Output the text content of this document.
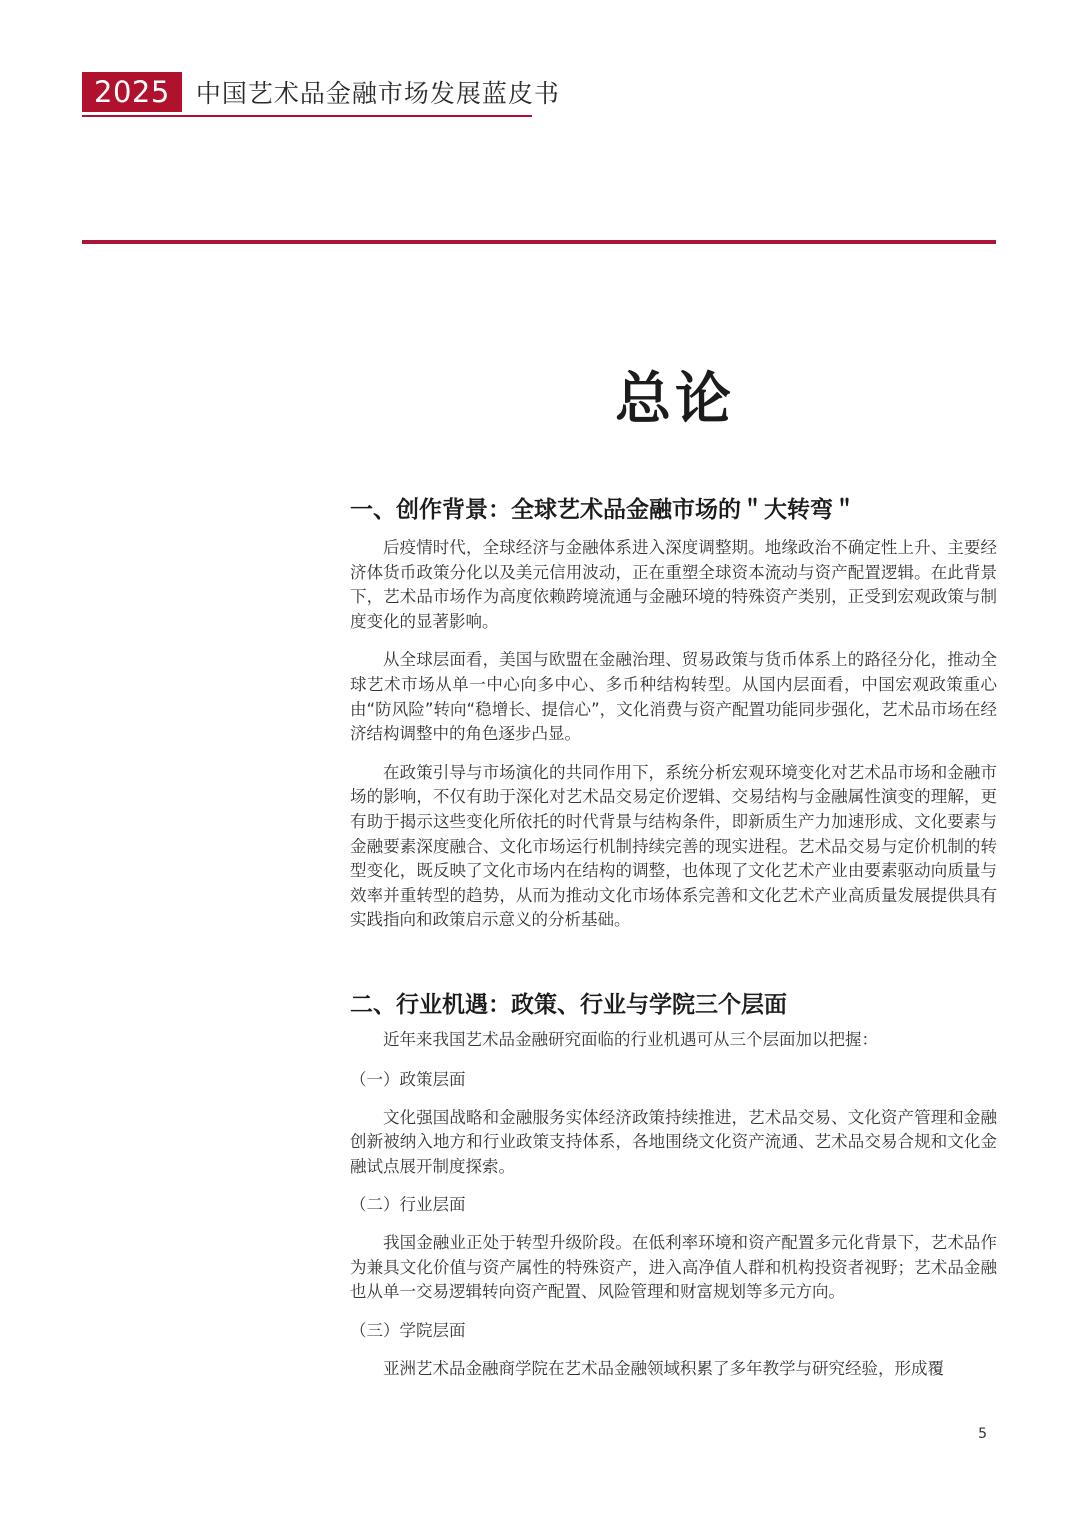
2025	中国艺术品金融市场发展蓝皮书
总论
一、创作背景：全球艺术品金融市场的＂大转弯＂

后疫情时代，全球经济与金融体系进入深度调整期。地缘政治不确定性上升、主要经济体货币政策分化以及美元信用波动，正在重塑全球资本流动与资产配置逻辑。在此背景下，艺术品市场作为高度依赖跨境流通与金融环境的特殊资产类别，正受到宏观政策与制度变化的显著影响。

从全球层面看，美国与欧盟在金融治理、贸易政策与货币体系上的路径分化，推动全球艺术市场从单一中心向多中心、多币种结构转型。从国内层面看，中国宏观政策重心由“防风险”转向“稳增长、提信心”，文化消费与资产配置功能同步强化，艺术品市场在经济结构调整中的角色逐步凸显。

在政策引导与市场演化的共同作用下，系统分析宏观环境变化对艺术品市场和金融市场的影响，不仅有助于深化对艺术品交易定价逻辑、交易结构与金融属性演变的理解，更有助于揭示这些变化所依托的时代背景与结构条件，即新质生产力加速形成、文化要素与金融要素深度融合、文化市场运行机制持续完善的现实进程。艺术品交易与定价机制的转型变化，既反映了文化市场内在结构的调整，也体现了文化艺术产业由要素驱动向质量与效率并重转型的趋势，从而为推动文化市场体系完善和文化艺术产业高质量发展提供具有实践指向和政策启示意义的分析基础。

二、行业机遇：政策、行业与学院三个层面

近年来我国艺术品金融研究面临的行业机遇可从三个层面加以把握：

（一）政策层面

文化强国战略和金融服务实体经济政策持续推进，艺术品交易、文化资产管理和金融创新被纳入地方和行业政策支持体系，各地围绕文化资产流通、艺术品交易合规和文化金融试点展开制度探索。

（二）行业层面

我国金融业正处于转型升级阶段。在低利率环境和资产配置多元化背景下，艺术品作为兼具文化价值与资产属性的特殊资产，进入高净值人群和机构投资者视野；艺术品金融也从单一交易逻辑转向资产配置、风险管理和财富规划等多元方向。

（三）学院层面

亚洲艺术品金融商学院在艺术品金融领域积累了多年教学与研究经验，形成覆

5
